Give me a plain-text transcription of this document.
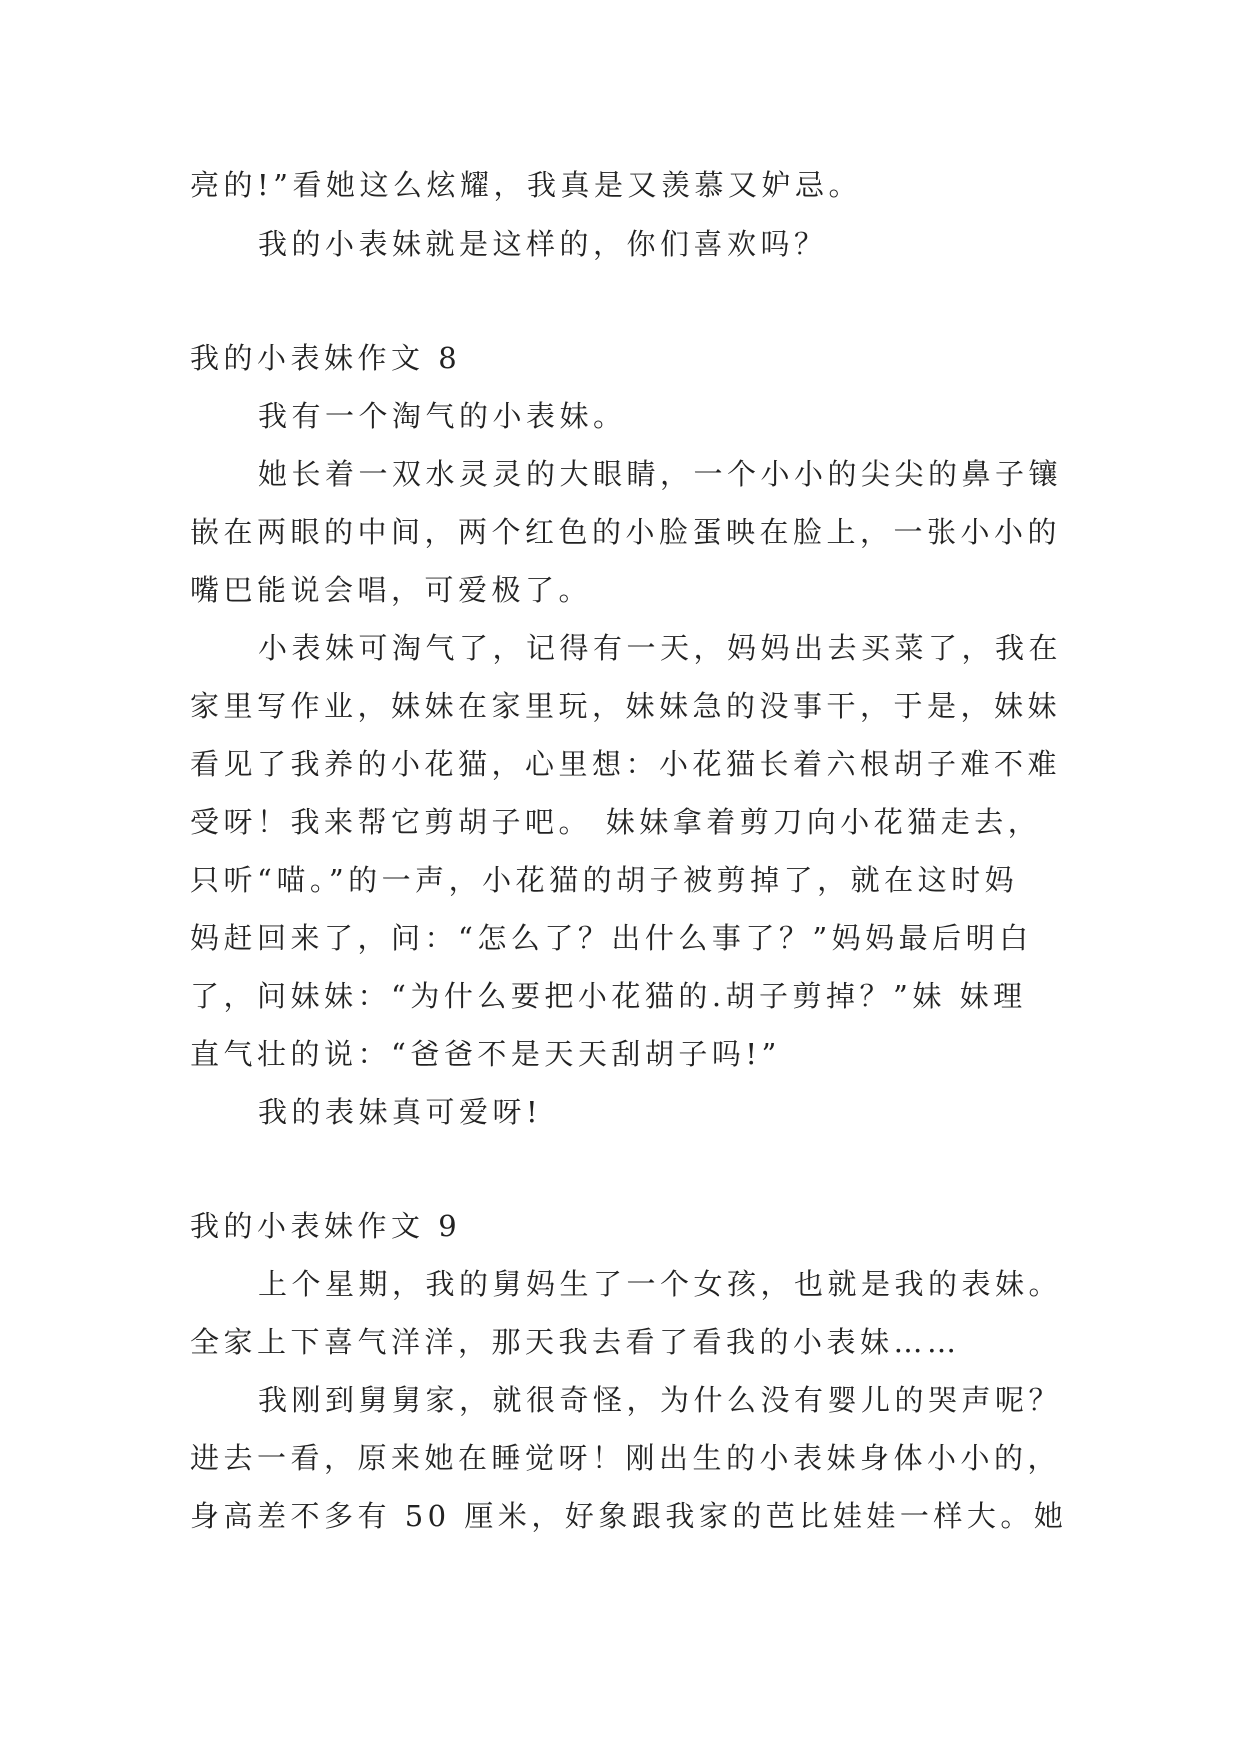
亮的!”看她这么炫耀，我真是又羡慕又妒忌。
我的小表妹就是这样的，你们喜欢吗？
我的小表妹作文 8
我有一个淘气的小表妹。
她长着一双水灵灵的大眼睛，一个小小的尖尖的鼻子镶
嵌在两眼的中间，两个红色的小脸蛋映在脸上，一张小小的
嘴巴能说会唱，可爱极了。
小表妹可淘气了，记得有一天，妈妈出去买菜了，我在
家里写作业，妹妹在家里玩，妹妹急的没事干，于是，妹妹
看见了我养的小花猫，心里想：小花猫长着六根胡子难不难
受呀！我来帮它剪胡子吧。 妹妹拿着剪刀向小花猫走去，
只听“喵。”的一声，小花猫的胡子被剪掉了，就在这时妈
妈赶回来了，问：“怎么了？出什么事了？”妈妈最后明白
了，问妹妹：“为什么要把小花猫的.胡子剪掉？”妹 妹理
直气壮的说：“爸爸不是天天刮胡子吗!”
我的表妹真可爱呀!
我的小表妹作文 9
上个星期，我的舅妈生了一个女孩，也就是我的表妹。
全家上下喜气洋洋，那天我去看了看我的小表妹……
我刚到舅舅家，就很奇怪，为什么没有婴儿的哭声呢？
进去一看，原来她在睡觉呀！刚出生的小表妹身体小小的，
身高差不多有 50 厘米，好象跟我家的芭比娃娃一样大。她
